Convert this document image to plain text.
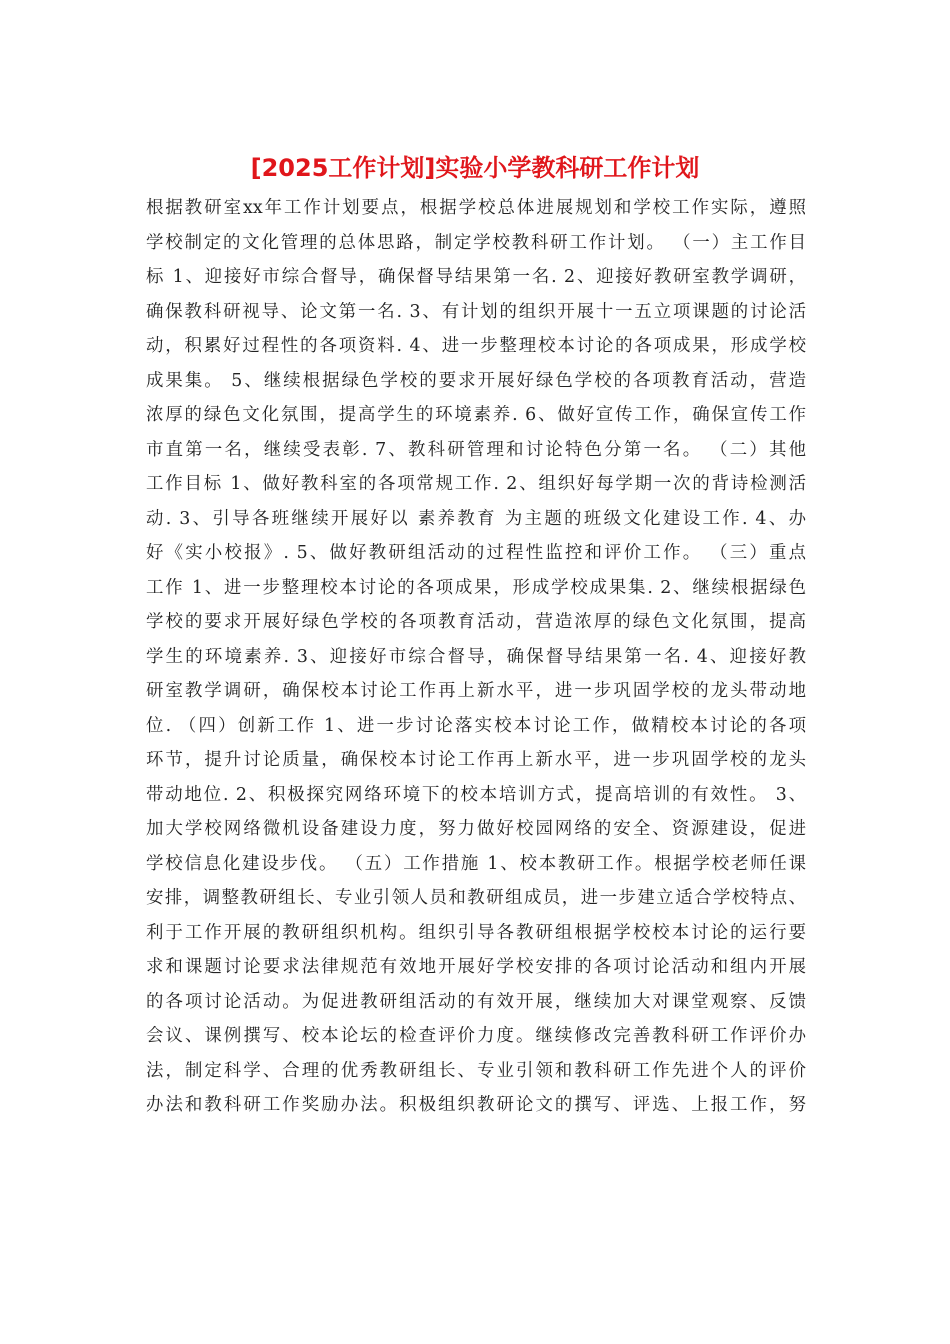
[2025工作计划]实验小学教科研工作计划
根据教研室xx年工作计划要点，根据学校总体进展规划和学校工作实际，遵照
学校制定的文化管理的总体思路，制定学校教科研工作计划。 （一）主工作目
标 1、迎接好市综合督导，确保督导结果第一名. 2、迎接好教研室教学调研，
确保教科研视导、论文第一名. 3、有计划的组织开展十一五立项课题的讨论活
动，积累好过程性的各项资料. 4、进一步整理校本讨论的各项成果，形成学校
成果集。 5、继续根据绿色学校的要求开展好绿色学校的各项教育活动，营造
浓厚的绿色文化氛围，提高学生的环境素养. 6、做好宣传工作，确保宣传工作
市直第一名，继续受表彰. 7、教科研管理和讨论特色分第一名。 （二）其他
工作目标 1、做好教科室的各项常规工作. 2、组织好每学期一次的背诗检测活
动. 3、引导各班继续开展好以 素养教育 为主题的班级文化建设工作. 4、办
好《实小校报》. 5、做好教研组活动的过程性监控和评价工作。 （三）重点
工作 1、进一步整理校本讨论的各项成果，形成学校成果集. 2、继续根据绿色
学校的要求开展好绿色学校的各项教育活动，营造浓厚的绿色文化氛围，提高
学生的环境素养. 3、迎接好市综合督导，确保督导结果第一名. 4、迎接好教
研室教学调研，确保校本讨论工作再上新水平，进一步巩固学校的龙头带动地
位. （四）创新工作 1、进一步讨论落实校本讨论工作，做精校本讨论的各项
环节，提升讨论质量，确保校本讨论工作再上新水平，进一步巩固学校的龙头
带动地位. 2、积极探究网络环境下的校本培训方式，提高培训的有效性。 3、
加大学校网络微机设备建设力度，努力做好校园网络的安全、资源建设，促进
学校信息化建设步伐。 （五）工作措施 1、校本教研工作。根据学校老师任课
安排，调整教研组长、专业引领人员和教研组成员，进一步建立适合学校特点、
利于工作开展的教研组织机构。组织引导各教研组根据学校校本讨论的运行要
求和课题讨论要求法律规范有效地开展好学校安排的各项讨论活动和组内开展
的各项讨论活动。为促进教研组活动的有效开展，继续加大对课堂观察、反馈
会议、课例撰写、校本论坛的检查评价力度。继续修改完善教科研工作评价办
法，制定科学、合理的优秀教研组长、专业引领和教科研工作先进个人的评价
办法和教科研工作奖励办法。积极组织教研论文的撰写、评选、上报工作，努
